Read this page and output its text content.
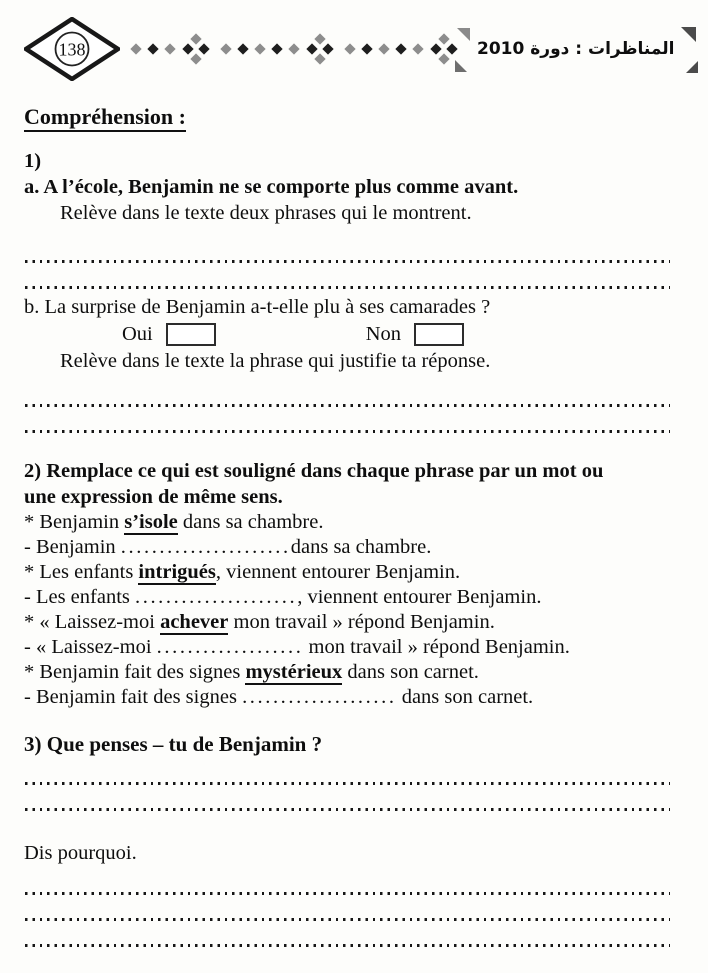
138	المناظرات : دورة 2010
Compréhension :
1)
a. A l’école, Benjamin ne se comporte plus comme avant.
Relève dans le texte deux phrases qui le montrent.
b. La surprise de Benjamin a-t-elle plu à ses camarades ?
Oui	Non
Relève dans le texte la phrase qui justifie ta réponse.
2) Remplace ce qui est souligné dans chaque phrase par un mot ou
une expression de même sens.
* Benjamin s’isole dans sa chambre.
- Benjamin ......................dans sa chambre.
* Les enfants intrigués, viennent entourer Benjamin.
- Les enfants ....................., viennent entourer Benjamin.
* « Laissez-moi achever mon travail » répond Benjamin.
- « Laissez-moi ................... mon travail » répond Benjamin.
* Benjamin fait des signes mystérieux dans son carnet.
- Benjamin fait des signes .................... dans son carnet.
3) Que penses – tu de Benjamin ?
Dis pourquoi.
